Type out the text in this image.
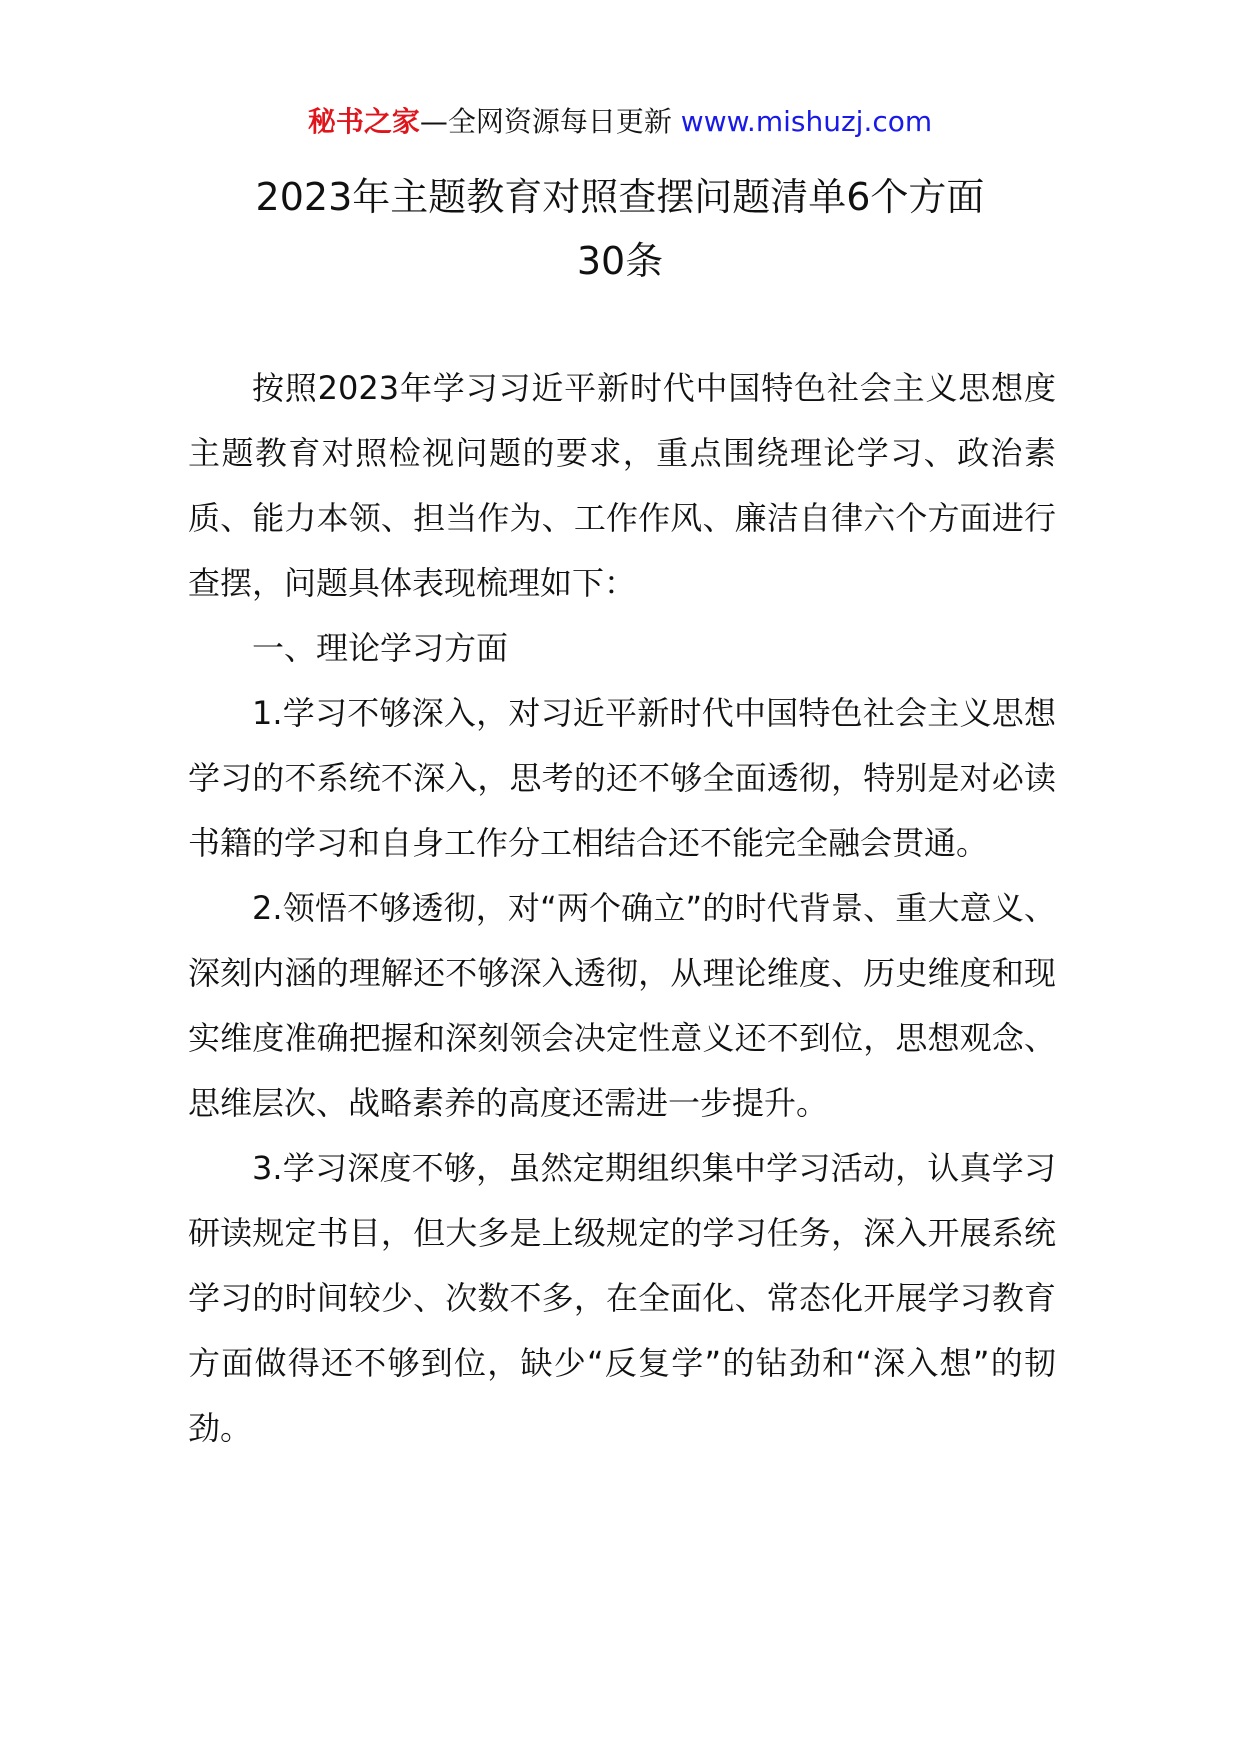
秘书之家—全网资源每日更新 www.mishuzj.com
2023年主题教育对照查摆问题清单6个方面
30条

按照2023年学习习近平新时代中国特色社会主义思想度主题教育对照检视问题的要求，重点围绕理论学习、政治素质、能力本领、担当作为、工作作风、廉洁自律六个方面进行查摆，问题具体表现梳理如下：

一、理论学习方面

1.学习不够深入，对习近平新时代中国特色社会主义思想学习的不系统不深入，思考的还不够全面透彻，特别是对必读书籍的学习和自身工作分工相结合还不能完全融会贯通。

2.领悟不够透彻，对“两个确立”的时代背景、重大意义、深刻内涵的理解还不够深入透彻，从理论维度、历史维度和现实维度准确把握和深刻领会决定性意义还不到位，思想观念、思维层次、战略素养的高度还需进一步提升。

3.学习深度不够，虽然定期组织集中学习活动，认真学习研读规定书目，但大多是上级规定的学习任务，深入开展系统学习的时间较少、次数不多，在全面化、常态化开展学习教育方面做得还不够到位，缺少“反复学”的钻劲和“深入想”的韧劲。
